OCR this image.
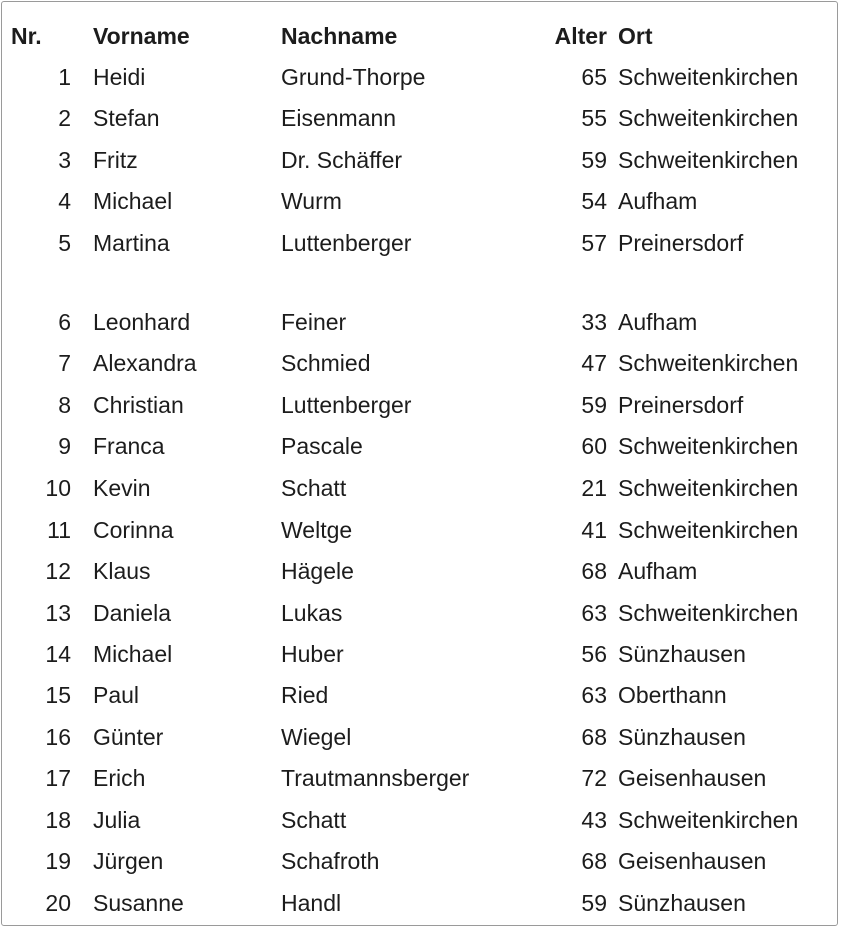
Nr. Vorname	Nachname	Alter Ort
1 Heidi	Grund-Thorpe	65 Schweitenkirchen
2 Stefan	Eisenmann	55 Schweitenkirchen
3 Fritz	Dr. Schäffer	59 Schweitenkirchen
4 Michael	Wurm	54 Aufham
5 Martina	Luttenberger	57 Preinersdorf
6 Leonhard	Feiner	33 Aufham
7 Alexandra	Schmied	47 Schweitenkirchen
8 Christian	Luttenberger	59 Preinersdorf
9 Franca	Pascale	60 Schweitenkirchen
10 Kevin	Schatt	21 Schweitenkirchen
11 Corinna	Weltge	41 Schweitenkirchen
12 Klaus	Hägele	68 Aufham
13 Daniela	Lukas	63 Schweitenkirchen
14 Michael	Huber	56 Sünzhausen
15 Paul	Ried	63 Oberthann
16 Günter	Wiegel	68 Sünzhausen
17 Erich	Trautmannsberger	72 Geisenhausen
18 Julia	Schatt	43 Schweitenkirchen
19 Jürgen	Schafroth	68 Geisenhausen
20 Susanne	Handl	59 Sünzhausen
